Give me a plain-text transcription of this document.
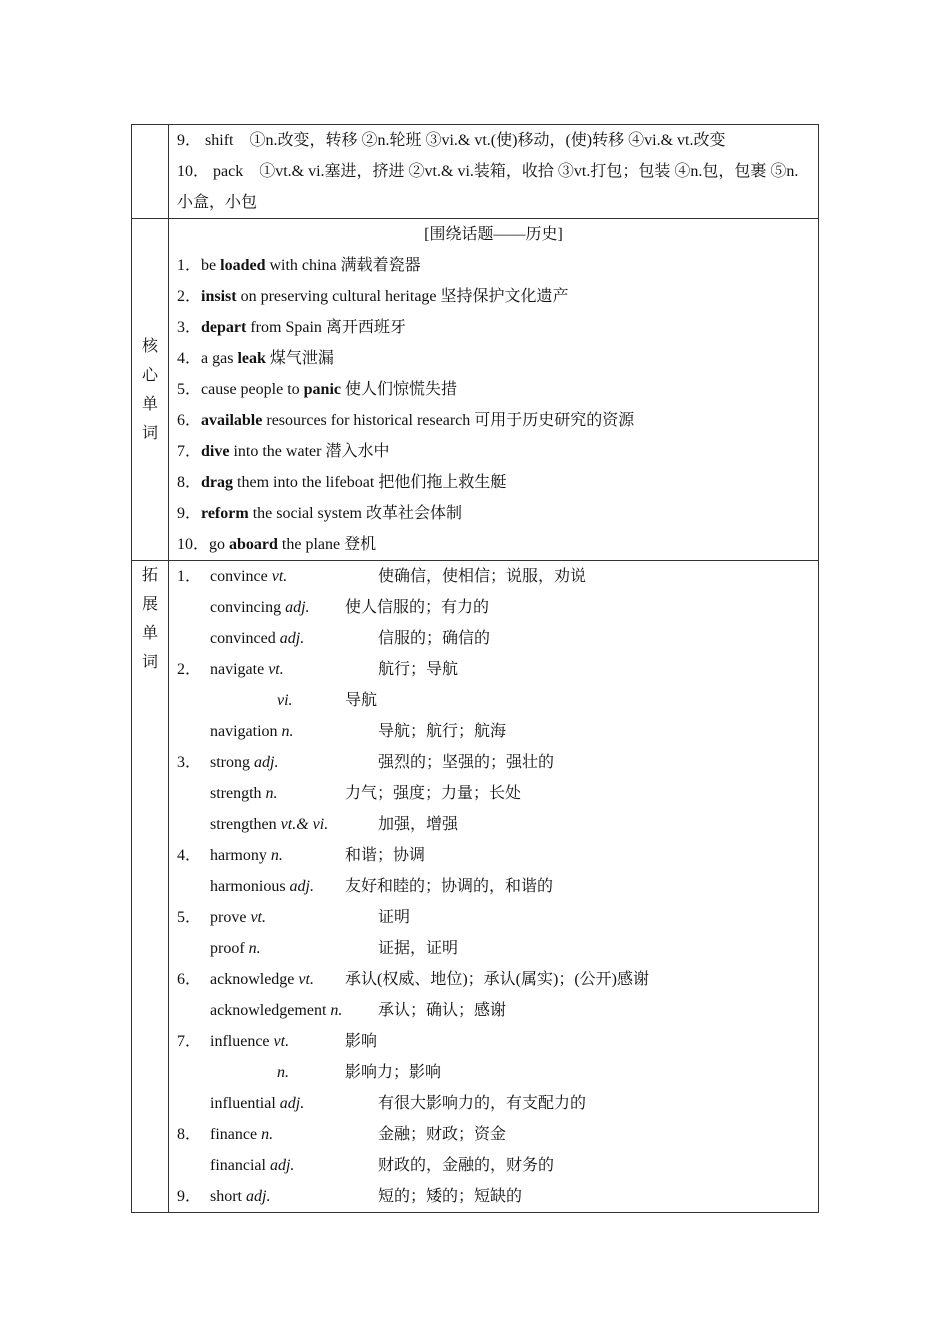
9． shift ①n.改变，转移 ②n.轮班 ③vi.& vt.(使)移动，(使)转移 ④vi.& vt.改变
10． pack ①vt.& vi.塞进，挤进 ②vt.& vi.装箱，收拾 ③vt.打包；包装 ④n.包，包裹 ⑤n.小盒，小包
核
心
单
词
[围绕话题——历史]
1．be loaded with china 满载着瓷器
2．insist on preserving cultural heritage 坚持保护文化遗产
3．depart from Spain 离开西班牙
4．a gas leak 煤气泄漏
5．cause people to panic 使人们惊慌失措
6．available resources for historical research 可用于历史研究的资源
7．dive into the water 潜入水中
8．drag them into the lifeboat 把他们拖上救生艇
9．reform the social system 改革社会体制
10．go aboard the plane 登机
拓
展
单
词
1． convince vt.	使确信，使相信；说服，劝说
convincing adj. 使人信服的；有力的
convinced adj.	信服的；确信的
2． navigate vt.	航行；导航
vi.	导航
navigation n.	导航；航行；航海
3． strong adj.	强烈的；坚强的；强壮的
strength n.	力气；强度；力量；长处
strengthen vt.& vi.	加强，增强
4． harmony n.	和谐；协调
harmonious adj. 友好和睦的；协调的，和谐的
5． prove vt.	证明
proof n.	证据，证明
6． acknowledge vt. 承认(权威、地位)；承认(属实)；(公开)感谢
acknowledgement n. 承认；确认；感谢
7． influence vt.	影响
n.	影响力；影响
influential adj.	有很大影响力的，有支配力的
8． finance n.	金融；财政；资金
financial adj.	财政的，金融的，财务的
9． short adj.	短的；矮的；短缺的
